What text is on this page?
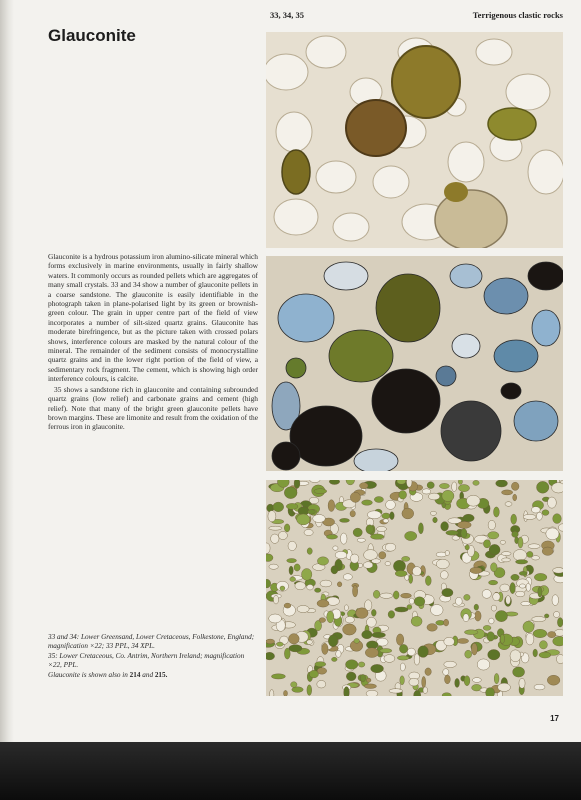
33, 34, 35	Terrigenous clastic rocks
Glauconite

Glauconite is a hydrous potassium iron alumino-silicate mineral which forms exclusively in marine environments, usually in fairly shallow waters. It commonly occurs as rounded pellets which are aggregates of many small crystals. 33 and 34 show a number of glauconite pellets in a coarse sandstone. The glauconite is easily identifiable in the photograph taken in plane-polarised light by its green or brownish-green colour. The grain in upper centre part of the field of view incorporates a number of silt-sized quartz grains. Glauconite has moderate birefringence, but as the picture taken with crossed polars shows, interference colours are masked by the natural colour of the mineral. The remainder of the sediment consists of monocrystalline quartz grains and in the lower right portion of the field of view, a sedimentary rock fragment. The cement, which is showing high order interference colours, is calcite.

35 shows a sandstone rich in glauconite and containing subrounded quartz grains (low relief) and carbonate grains and cement (high relief). Note that many of the bright green glauconite pellets have brown margins. These are limonite and result from the oxidation of the ferrous iron in glauconite.

33 and 34: Lower Greensand, Lower Cretaceous, Folkestone, England; magnification ×22; 33 PPL, 34 XPL.

35: Lower Cretaceous, Co. Antrim, Northern Ireland; magnification ×22, PPL.

Glauconite is shown also in 214 and 215.

17
